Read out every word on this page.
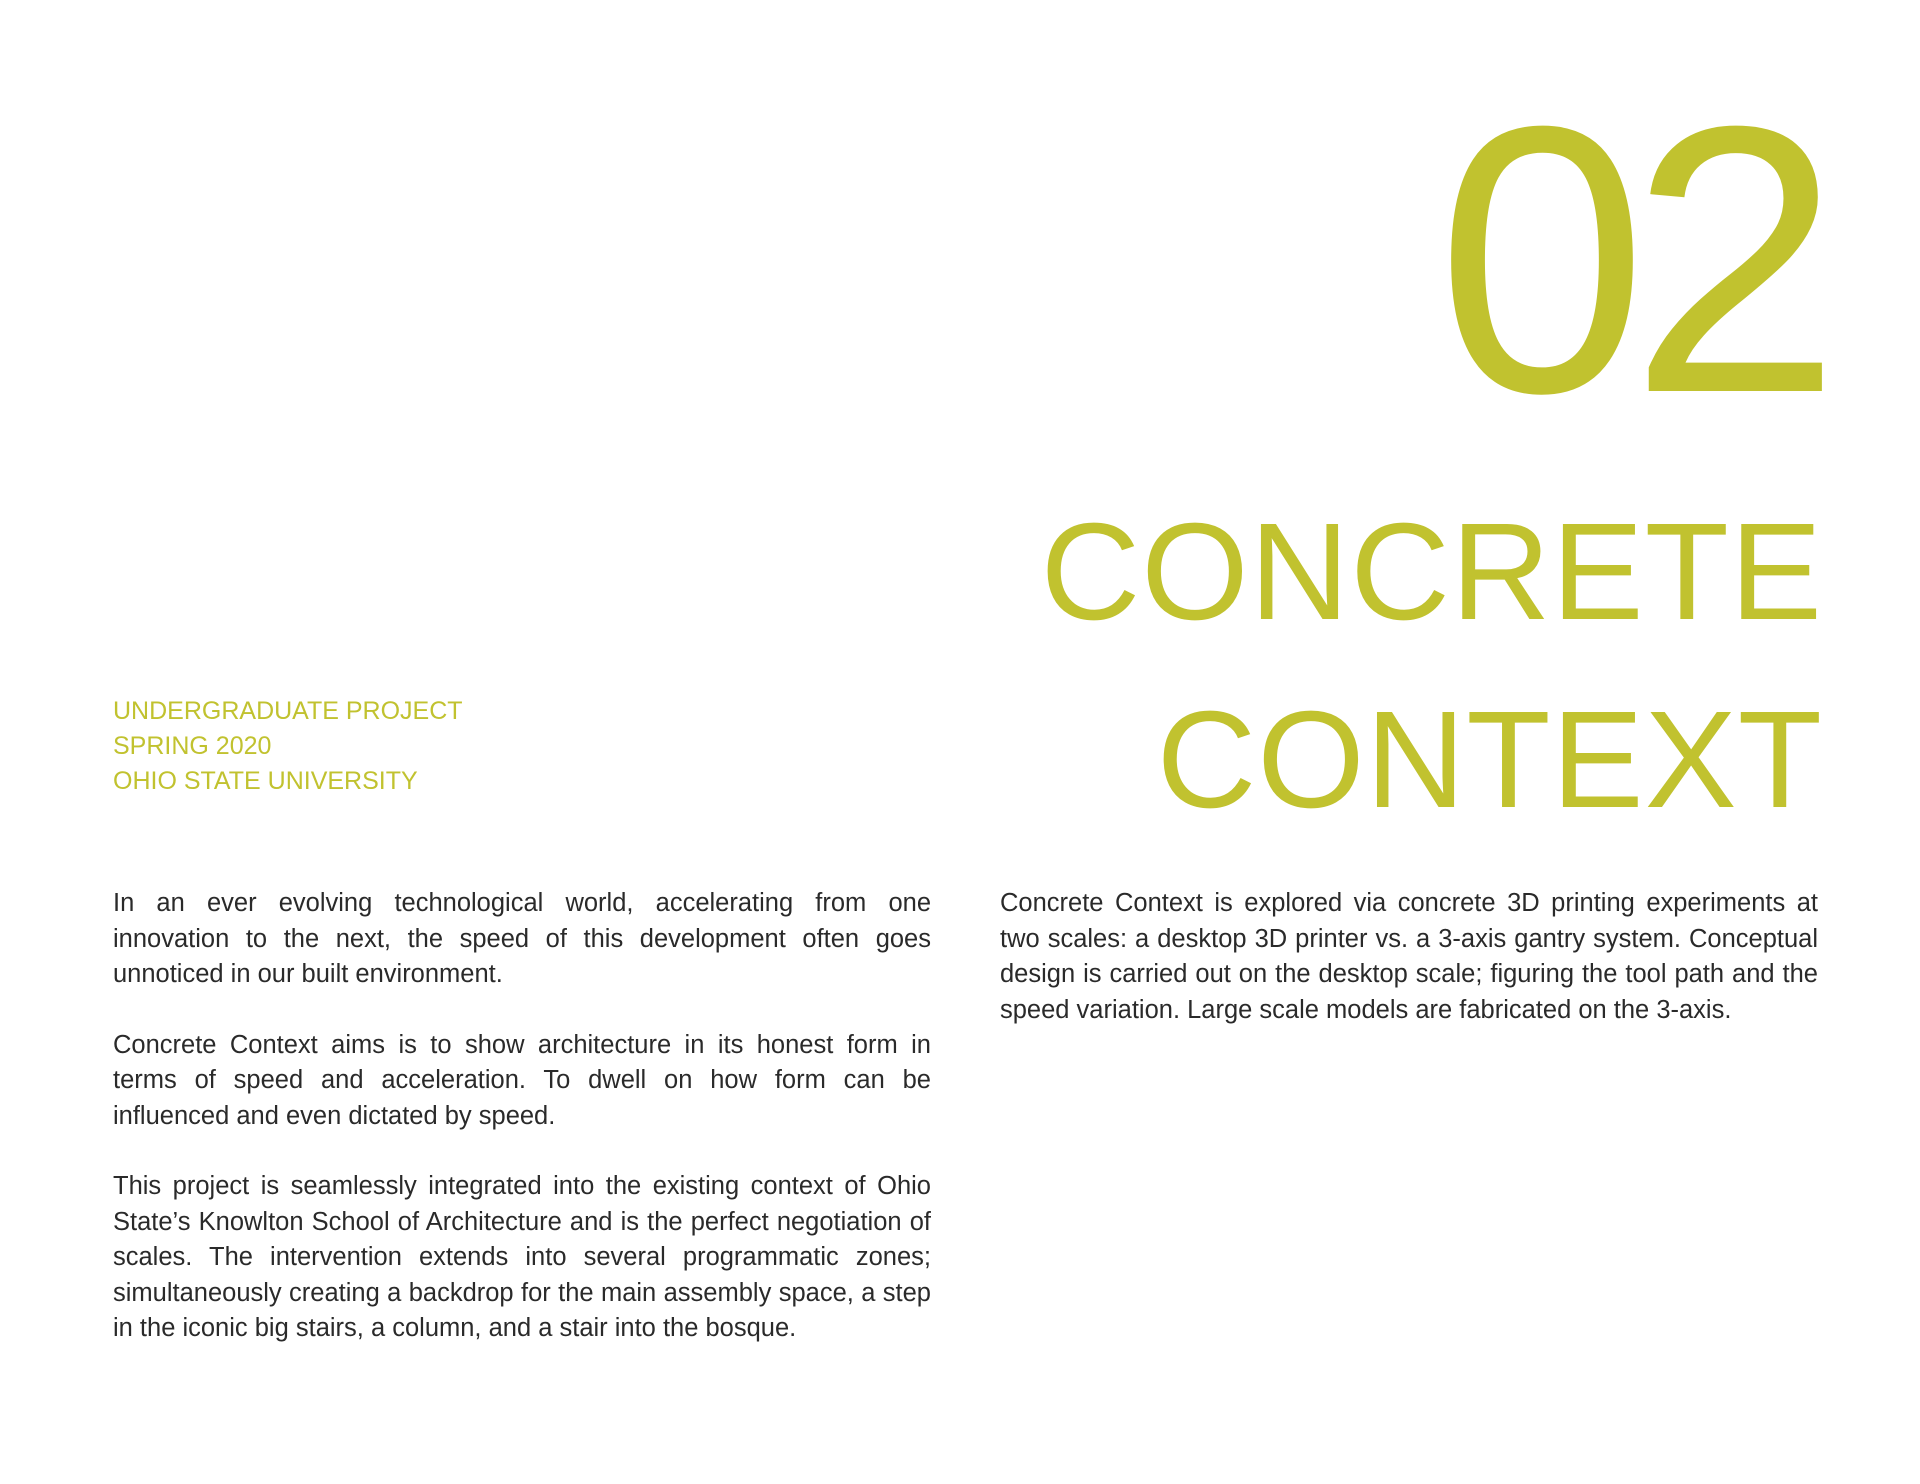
02
CONCRETE
CONTEXT
UNDERGRADUATE PROJECT
SPRING 2020
OHIO STATE UNIVERSITY

In an ever evolving technological world, accelerating from one innovation to the next, the speed of this development often goes unnoticed in our built environment.

Concrete Context aims is to show architecture in its honest form in terms of speed and acceleration. To dwell on how form can be influenced and even dictated by speed.

This project is seamlessly integrated into the existing context of Ohio State’s Knowlton School of Architecture and is the perfect negotiation of scales. The intervention extends into several programmatic zones; simultaneously creating a backdrop for the main assembly space, a step in the iconic big stairs, a column, and a stair into the bosque.

Concrete Context is explored via concrete 3D printing experiments at two scales: a desktop 3D printer vs. a 3-axis gantry system. Conceptual design is carried out on the desktop scale; figuring the tool path and the speed variation. Large scale models are fabricated on the 3-axis.
